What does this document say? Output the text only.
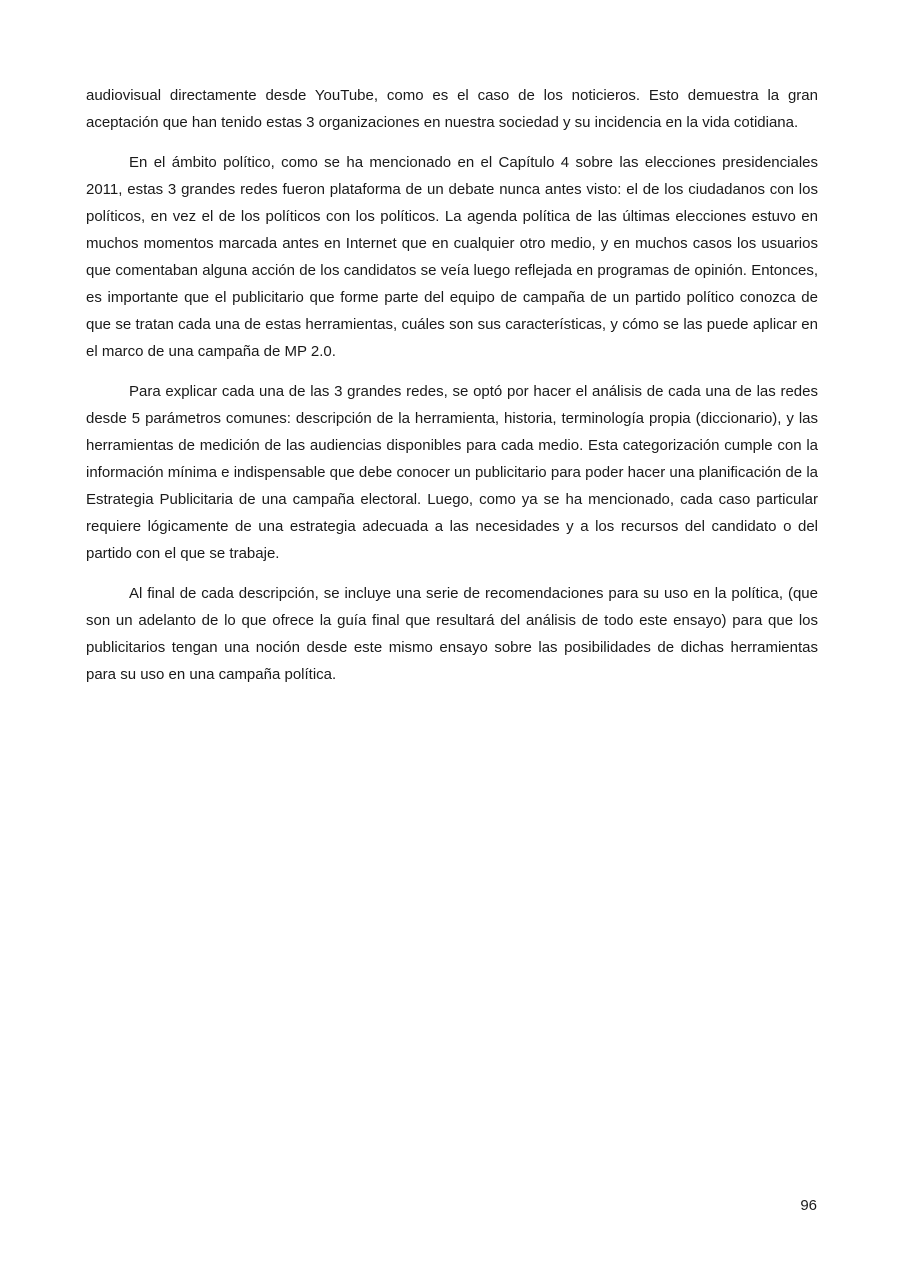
audiovisual directamente desde YouTube, como es el caso de los noticieros. Esto demuestra la gran aceptación que han tenido estas 3 organizaciones en nuestra sociedad y su incidencia en la vida cotidiana.

En el ámbito político, como se ha mencionado en el Capítulo 4 sobre las elecciones presidenciales 2011, estas 3 grandes redes fueron plataforma de un debate nunca antes visto: el de los ciudadanos con los políticos, en vez el de los políticos con los políticos. La agenda política de las últimas elecciones estuvo en muchos momentos marcada antes en Internet que en cualquier otro medio, y en muchos casos los usuarios que comentaban alguna acción de los candidatos se veía luego reflejada en programas de opinión. Entonces, es importante que el publicitario que forme parte del equipo de campaña de un partido político conozca de que se tratan cada una de estas herramientas, cuáles son sus características, y cómo se las puede aplicar en el marco de una campaña de MP 2.0.

Para explicar cada una de las 3 grandes redes, se optó por hacer el análisis de cada una de las redes desde 5 parámetros comunes: descripción de la herramienta, historia, terminología propia (diccionario), y las herramientas de medición de las audiencias disponibles para cada medio. Esta categorización cumple con la información mínima e indispensable que debe conocer un publicitario para poder hacer una planificación de la Estrategia Publicitaria de una campaña electoral. Luego, como ya se ha mencionado, cada caso particular requiere lógicamente de una estrategia adecuada a las necesidades y a los recursos del candidato o del partido con el que se trabaje.

Al final de cada descripción, se incluye una serie de recomendaciones para su uso en la política, (que son un adelanto de lo que ofrece la guía final que resultará del análisis de todo este ensayo) para que los publicitarios tengan una noción desde este mismo ensayo sobre las posibilidades de dichas herramientas para su uso en una campaña política.

96
